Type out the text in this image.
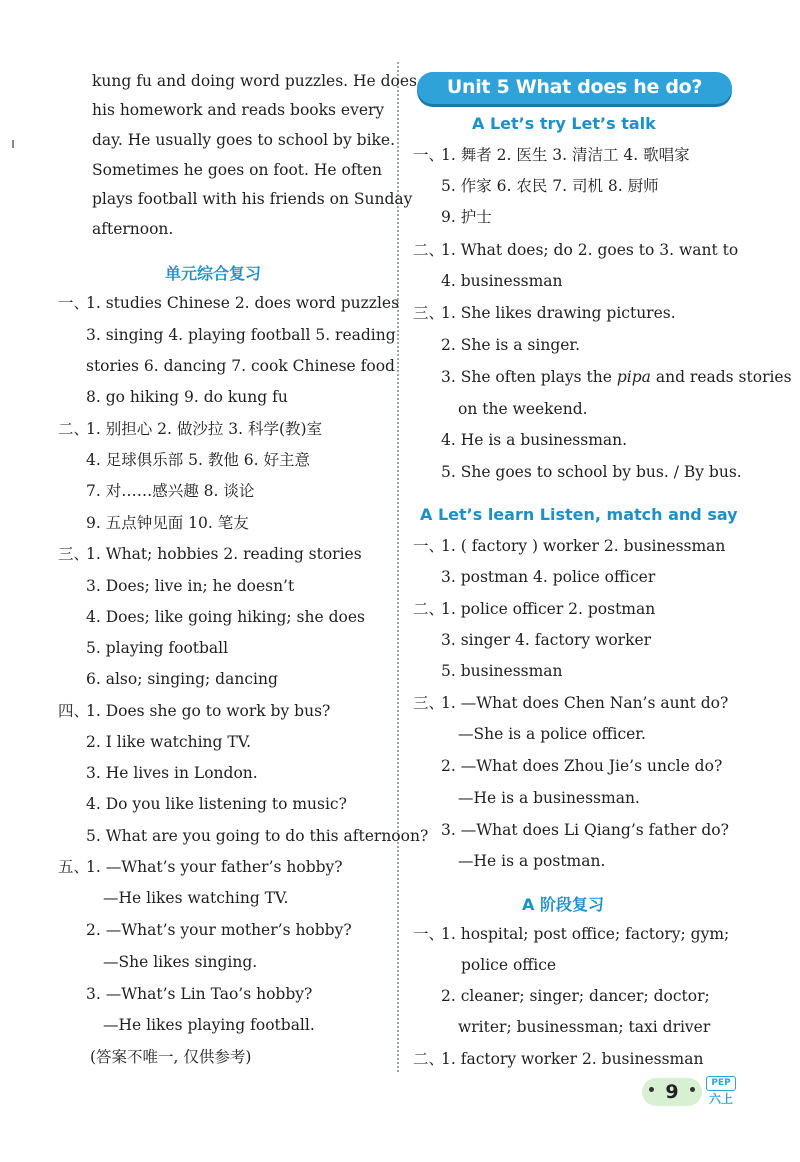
kung fu and doing word puzzles. He does
his homework and reads books every
day. He usually goes to school by bike.
Sometimes he goes on foot. He often
plays football with his friends on Sunday
afternoon.
单元综合复习
一、
1. studies Chinese 2. does word puzzles
3. singing 4. playing football 5. reading
stories 6. dancing 7. cook Chinese food
8. go hiking 9. do kung fu
二、
1. 别担心 2. 做沙拉 3. 科学(教)室
4. 足球俱乐部 5. 教他 6. 好主意
7. 对……感兴趣 8. 谈论
9. 五点钟见面 10. 笔友
三、
1. What; hobbies 2. reading stories
3. Does; live in; he doesn’t
4. Does; like going hiking; she does
5. playing football
6. also; singing; dancing
四、
1. Does she go to work by bus?
2. I like watching TV.
3. He lives in London.
4. Do you like listening to music?
5. What are you going to do this afternoon?
五、
1. —What’s your father’s hobby?
—He likes watching TV.
2. —What’s your mother’s hobby?
—She likes singing.
3. —What’s Lin Tao’s hobby?
—He likes playing football.
(答案不唯一, 仅供参考)
Unit 5 What does he do?
A Let’s try Let’s talk
一、
1. 舞者 2. 医生 3. 清洁工 4. 歌唱家
5. 作家 6. 农民 7. 司机 8. 厨师
9. 护士
二、
1. What does; do 2. goes to 3. want to
4. businessman
三、
1. She likes drawing pictures.
2. She is a singer.
3. She often plays the pipa and reads stories
on the weekend.
4. He is a businessman.
5. She goes to school by bus. / By bus.
A Let’s learn Listen, match and say
一、
1. ( factory ) worker 2. businessman
3. postman 4. police officer
二、
1. police officer 2. postman
3. singer 4. factory worker
5. businessman
三、
1. —What does Chen Nan’s aunt do?
—She is a police officer.
2. —What does Zhou Jie’s uncle do?
—He is a businessman.
3. —What does Li Qiang’s father do?
—He is a postman.
A 阶段复习
一、
1. hospital; post office; factory; gym;
police office
2. cleaner; singer; dancer; doctor;
writer; businessman; taxi driver
二、
1. factory worker 2. businessman
9	PEP
六上
